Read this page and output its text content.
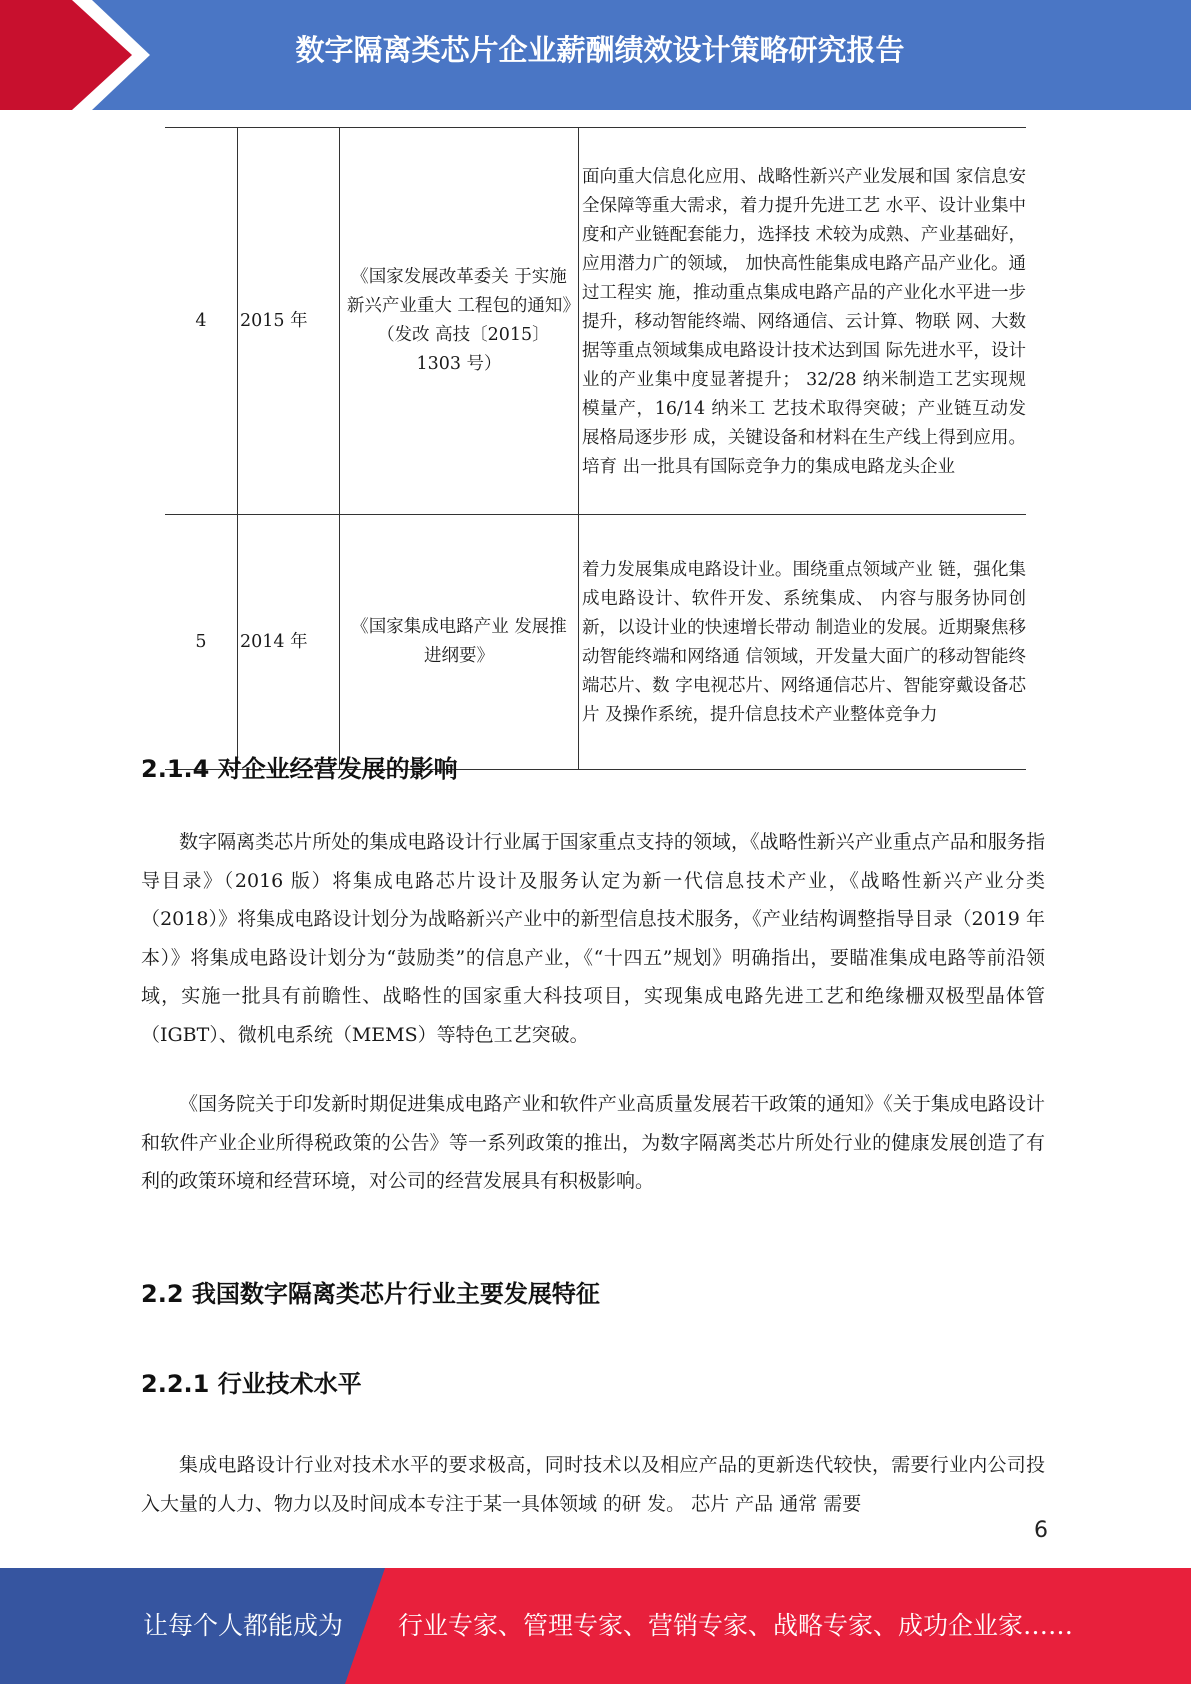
数字隔离类芯片企业薪酬绩效设计策略研究报告
4	2015 年	《国家发展改革委关 于实施新兴产业重大 工程包的通知》（发改 高技〔2015〕　　1303 号）	面向重大信息化应用、战略性新兴产业发展和国 家信息安全保障等重大需求，着力提升先进工艺 水平、设计业集中度和产业链配套能力，选择技 术较为成熟、产业基础好，应用潜力广的领域， 加快高性能集成电路产品产业化。通过工程实 施，推动重点集成电路产品的产业化水平进一步提升，移动智能终端、网络通信、云计算、物联 网、大数据等重点领域集成电路设计技术达到国 际先进水平，设计业的产业集中度显著提升； 32/28 纳米制造工艺实现规模量产，16/14 纳米工 艺技术取得突破；产业链互动发展格局逐步形 成，关键设备和材料在生产线上得到应用。培育 出一批具有国际竞争力的集成电路龙头企业
5	2014 年	《国家集成电路产业 发展推进纲要》	着力发展集成电路设计业。围绕重点领域产业 链，强化集成电路设计、软件开发、系统集成、 内容与服务协同创新，以设计业的快速增长带动 制造业的发展。近期聚焦移动智能终端和网络通 信领域，开发量大面广的移动智能终端芯片、数 字电视芯片、网络通信芯片、智能穿戴设备芯片 及操作系统，提升信息技术产业整体竞争力
2.1.4 对企业经营发展的影响

数字隔离类芯片所处的集成电路设计行业属于国家重点支持的领域，《战略性新兴产业重点产品和服务指导目录》（2016 版）将集成电路芯片设计及服务认定为新一代信息技术产业，《战略性新兴产业分类（2018）》将集成电路设计划分为战略新兴产业中的新型信息技术服务，《产业结构调整指导目录（2019 年本）》将集成电路设计划分为“鼓励类”的信息产业，《“十四五”规划》明确指出，要瞄准集成电路等前沿领域，实施一批具有前瞻性、战略性的国家重大科技项目，实现集成电路先进工艺和绝缘栅双极型晶体管（IGBT）、微机电系统（MEMS）等特色工艺突破。

《国务院关于印发新时期促进集成电路产业和软件产业高质量发展若干政策的通知》《关于集成电路设计和软件产业企业所得税政策的公告》等一系列政策的推出，为数字隔离类芯片所处行业的健康发展创造了有利的政策环境和经营环境，对公司的经营发展具有积极影响。

2.2 我国数字隔离类芯片行业主要发展特征
2.2.1 行业技术水平

集成电路设计行业对技术水平的要求极高，同时技术以及相应产品的更新迭代较快，需要行业内公司投入大量的人力、物力以及时间成本专注于某一具体领域 的研 发。 芯片 产品 通常 需要

6
让每个人都能成为 行业专家、管理专家、营销专家、战略专家、成功企业家……
